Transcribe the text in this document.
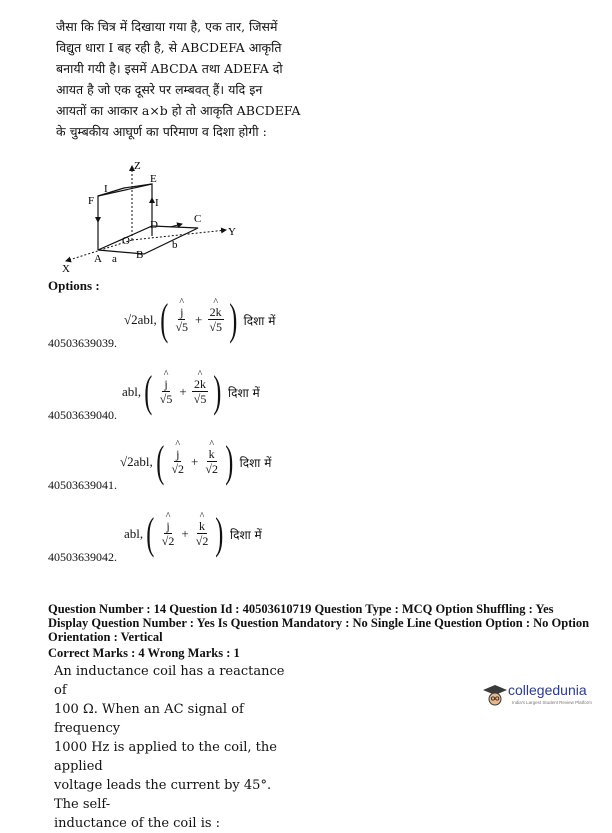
जैसा कि चित्र में दिखाया गया है, एक तार, जिसमें

विद्युत धारा I बह रही है, से ABCDEFA आकृति

बनायी गयी है। इसमें ABCDA तथा ADEFA दो

आयत है जो एक दूसरे पर लम्बवत् हैं। यदि इन

आयतों का आकार a×b हो तो आकृति ABCDEFA

के चुम्बकीय आघूर्ण का परिमाण व दिशा होगी :

Z
X
Y
A a B
b
C
D
E
F
O
I
I
Options :
√2 abl , ( ^
j
√5 + ^
2k
√5 ) दिशा में
40503639039.
abl , ( ^
j
√5 + ^
2k
√5 ) दिशा में
40503639040.
√2 abl , ( ^
j
√2 + ^
k
√2 ) दिशा में
40503639041.
abl , ( ^
j
√2 + ^
k
√2 ) दिशा में
40503639042.
Question Number : 14 Question Id : 40503610719 Question Type : MCQ Option Shuffling : Yes
Display Question Number : Yes Is Question Mandatory : No Single Line Question Option : No Option
Orientation : Vertical
Correct Marks : 4 Wrong Marks : 1
An inductance coil has a reactance of
100 Ω. When an AC signal of frequency
1000 Hz is applied to the coil, the applied
voltage leads the current by 45°. The self-
inductance of the coil is :
collegedunia
India's Largest Student Review Platform
